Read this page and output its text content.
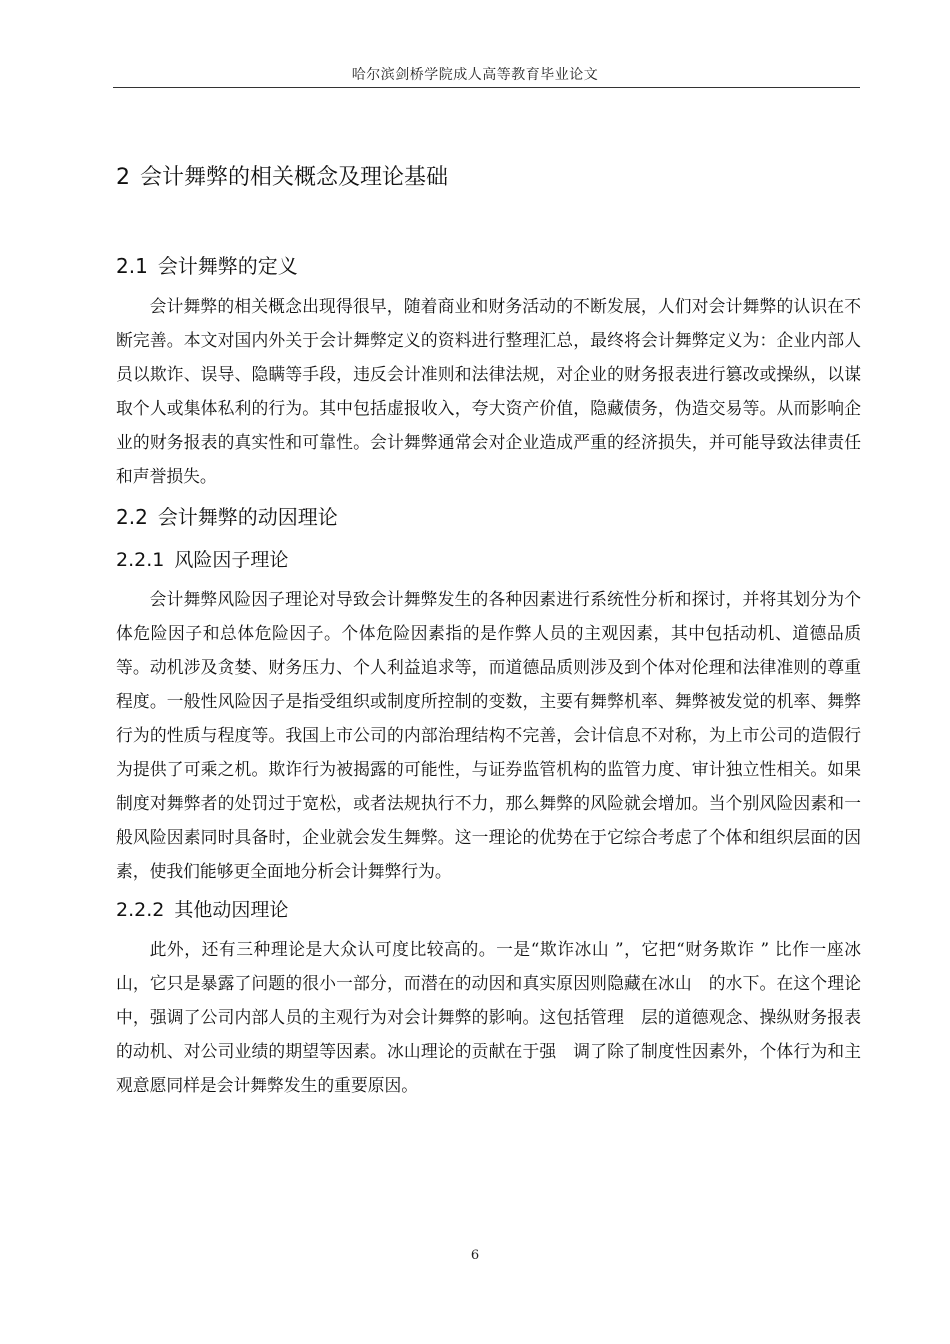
哈尔滨剑桥学院成人高等教育毕业论文
2 会计舞弊的相关概念及理论基础
2.1 会计舞弊的定义

会计舞弊的相关概念出现得很早，随着商业和财务活动的不断发展，人们对会计舞弊的认识在不断完善。本文对国内外关于会计舞弊定义的资料进行整理汇总，最终将会计舞弊定义为：企业内部人员以欺诈、误导、隐瞒等手段，违反会计准则和法律法规，对企业的财务报表进行篡改或操纵，以谋取个人或集体私利的行为。其中包括虚报收入，夸大资产价值，隐藏债务，伪造交易等。从而影响企业的财务报表的真实性和可靠性。会计舞弊通常会对企业造成严重的经济损失，并可能导致法律责任和声誉损失。

2.2 会计舞弊的动因理论
2.2.1 风险因子理论

会计舞弊风险因子理论对导致会计舞弊发生的各种因素进行系统性分析和探讨，并将其划分为个体危险因子和总体危险因子。个体危险因素指的是作弊人员的主观因素，其中包括动机、道德品质等。动机涉及贪婪、财务压力、个人利益追求等，而道德品质则涉及到个体对伦理和法律准则的尊重程度。一般性风险因子是指受组织或制度所控制的变数，主要有舞弊机率、舞弊被发觉的机率、舞弊行为的性质与程度等。我国上市公司的内部治理结构不完善，会计信息不对称，为上市公司的造假行为提供了可乘之机。欺诈行为被揭露的可能性，与证券监管机构的监管力度、审计独立性相关。如果制度对舞弊者的处罚过于宽松，或者法规执行不力，那么舞弊的风险就会增加。当个别风险因素和一般风险因素同时具备时，企业就会发生舞弊。这一理论的优势在于它综合考虑了个体和组织层面的因素，使我们能够更全面地分析会计舞弊行为。

2.2.2 其他动因理论

此外，还有三种理论是大众认可度比较高的。一是“欺诈冰山 ”，它把“财务欺诈 ” 比作一座冰山，它只是暴露了问题的很小一部分，而潜在的动因和真实原因则隐藏在冰山　的水下。在这个理论中，强调了公司内部人员的主观行为对会计舞弊的影响。这包括管理　层的道德观念、操纵财务报表的动机、对公司业绩的期望等因素。冰山理论的贡献在于强　调了除了制度性因素外，个体行为和主观意愿同样是会计舞弊发生的重要原因。

6
